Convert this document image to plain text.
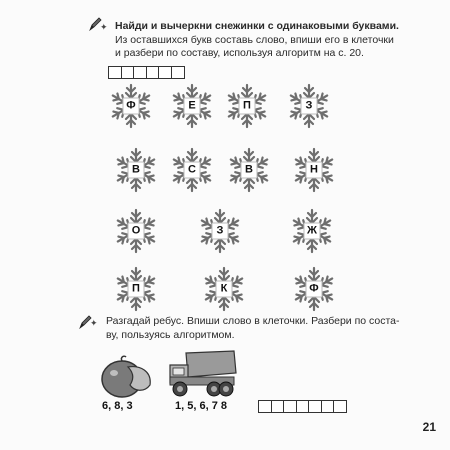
✦ Найди и вычеркни снежинки с одинаковыми буквами.
Из оставшихся букв составь слово, впиши его в клеточки
и разбери по составу, используя алгоритм на с. 20.
Ф	Е	П	З
В	С	В	Н
О	З	Ж
П	К	Ф
✦ Разгадай ребус. Впиши слово в клеточки. Разбери по соста-
ву, пользуясь алгоритмом.
6, 8, 3	1, 5, 6, 7 8
21
